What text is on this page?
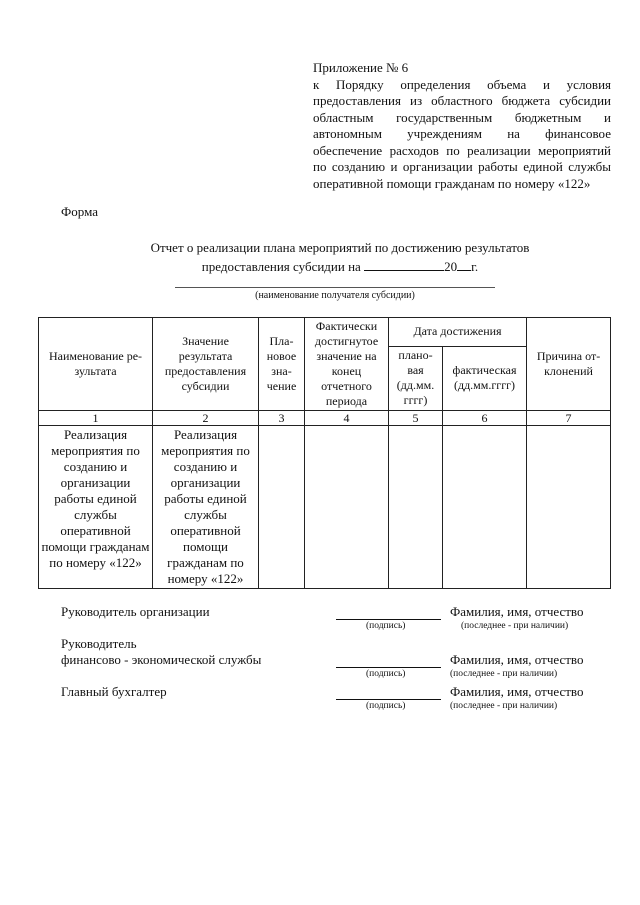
Приложение № 6
к Порядку определения объема и условия предоставления из областного бюджета субсидии областным государственным бюджетным и автономным учреждениям на финансовое обеспечение расходов по реализации мероприятий по созданию и организации работы единой службы оперативной помощи гражданам по номеру «122»
Форма
Отчет о реализации плана мероприятий по достижению результатов
предоставления субсидии на	20 г.
(наименование получателя субсидии)
Наименование ре-зультата	Значение результата предоставления субсидии	Пла-новое зна-чение	Фактически достигнутое значение на конец отчетного периода	Дата достижения		Причина от-клонений
				плано-вая (дд.мм. гггг)	фактическая (дд.мм.гггг)	
1	2	3	4	5	6	7
Реализация мероприятия по созданию и организации работы единой службы оперативной помощи гражданам по номеру «122»	Реализация мероприятия по созданию и организации работы единой службы оперативной помощи гражданам по номеру «122»					
Руководитель организации	Фамилия, имя, отчество
(подпись)	(последнее - при наличии)
Руководитель
финансово - экономической службы	Фамилия, имя, отчество
(подпись)	(последнее - при наличии)
Главный бухгалтер	Фамилия, имя, отчество
(подпись)	(последнее - при наличии)
